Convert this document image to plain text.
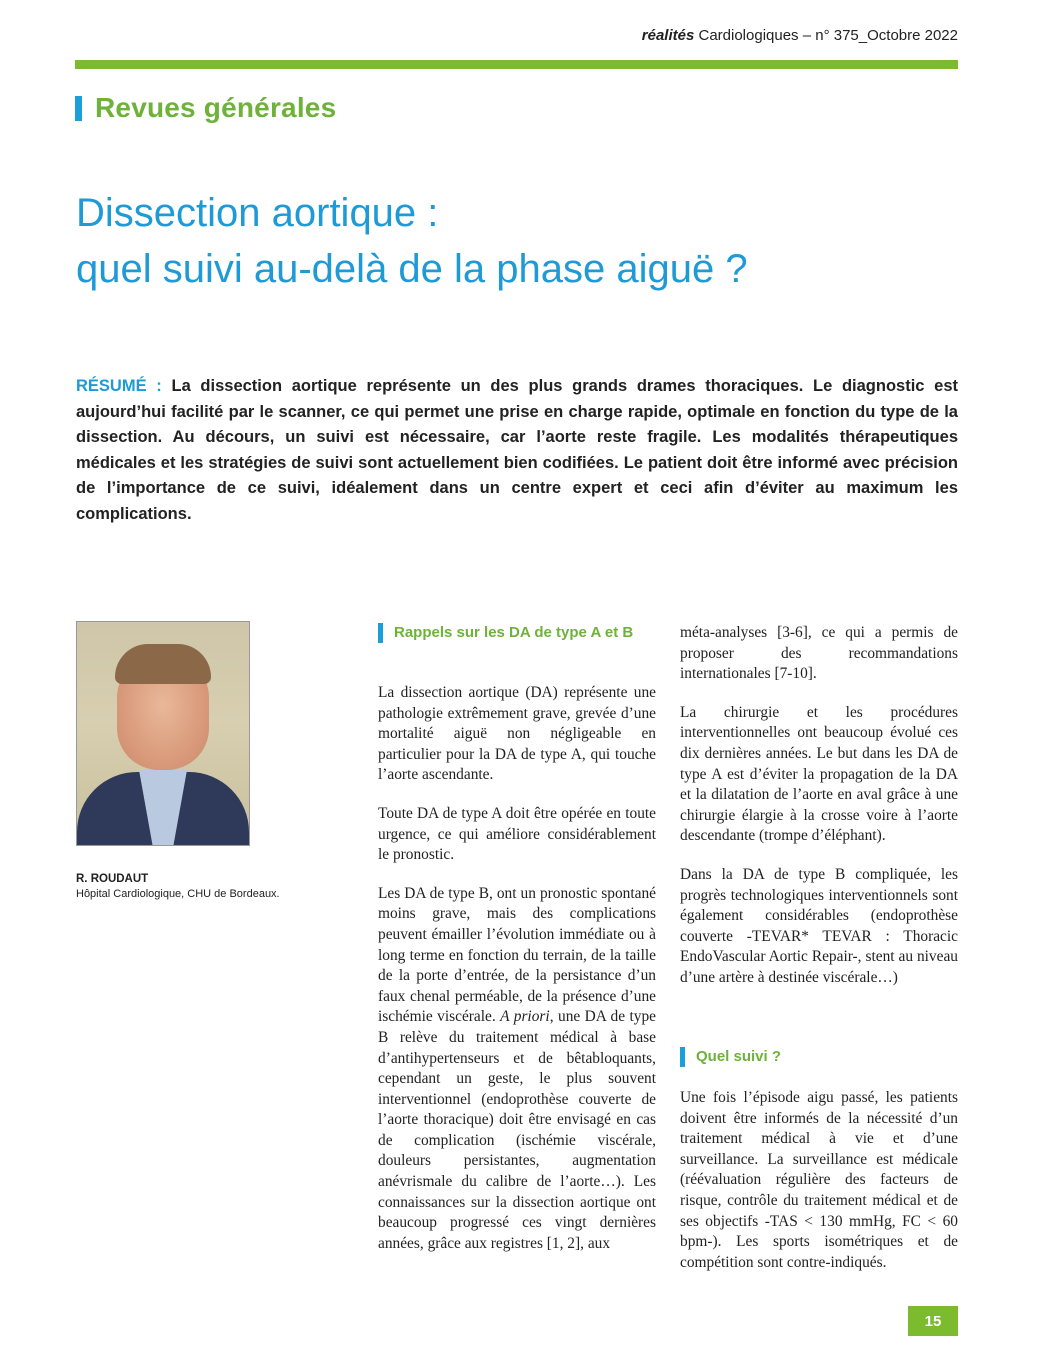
réalités Cardiologiques – n° 375_Octobre 2022
Revues générales
Dissection aortique :
quel suivi au-delà de la phase aiguë ?

RÉSUMÉ : La dissection aortique représente un des plus grands drames thoraciques. Le diagnostic est aujourd’hui facilité par le scanner, ce qui permet une prise en charge rapide, optimale en fonction du type de la dissection. Au décours, un suivi est nécessaire, car l’aorte reste fragile. Les modalités thérapeutiques médicales et les stratégies de suivi sont actuellement bien codifiées. Le patient doit être informé avec précision de l’importance de ce suivi, idéalement dans un centre expert et ceci afin d’éviter au maximum les complications.

R. ROUDAUT
Hôpital Cardiologique, CHU de Bordeaux.
Rappels sur les DA de type A et B

La dissection aortique (DA) représente une pathologie extrêmement grave, grevée d’une mortalité aiguë non négligeable en particulier pour la DA de type A, qui touche l’aorte ascendante.

Toute DA de type A doit être opérée en toute urgence, ce qui améliore considérablement le pronostic.

Les DA de type B, ont un pronostic spontané moins grave, mais des complications peuvent émailler l’évolution immédiate ou à long terme en fonction du terrain, de la taille de la porte d’entrée, de la persistance d’un faux chenal perméable, de la présence d’une ischémie viscérale. A priori, une DA de type B relève du traitement médical à base d’antihypertenseurs et de bêtabloquants, cependant un geste, le plus souvent interventionnel (endoprothèse couverte de l’aorte thoracique) doit être envisagé en cas de complication (ischémie viscérale, douleurs persistantes, augmentation anévrismale du calibre de l’aorte…). Les connaissances sur la dissection aortique ont beaucoup progressé ces vingt dernières années, grâce aux registres [1, 2], aux

méta-analyses [3-6], ce qui a permis de proposer des recommandations internationales [7-10].

La chirurgie et les procédures interventionnelles ont beaucoup évolué ces dix dernières années. Le but dans les DA de type A est d’éviter la propagation de la DA et la dilatation de l’aorte en aval grâce à une chirurgie élargie à la crosse voire à l’aorte descendante (trompe d’éléphant).

Dans la DA de type B compliquée, les progrès technologiques interventionnels sont également considérables (endoprothèse couverte -TEVAR* TEVAR : Thoracic EndoVascular Aortic Repair-, stent au niveau d’une artère à destinée viscérale…)

Quel suivi ?

Une fois l’épisode aigu passé, les patients doivent être informés de la nécessité d’un traitement médical à vie et d’une surveillance. La surveillance est médicale (réévaluation régulière des facteurs de risque, contrôle du traitement médical et de ses objectifs -TAS < 130 mmHg, FC < 60 bpm-). Les sports isométriques et de compétition sont contre-indiqués.

15
